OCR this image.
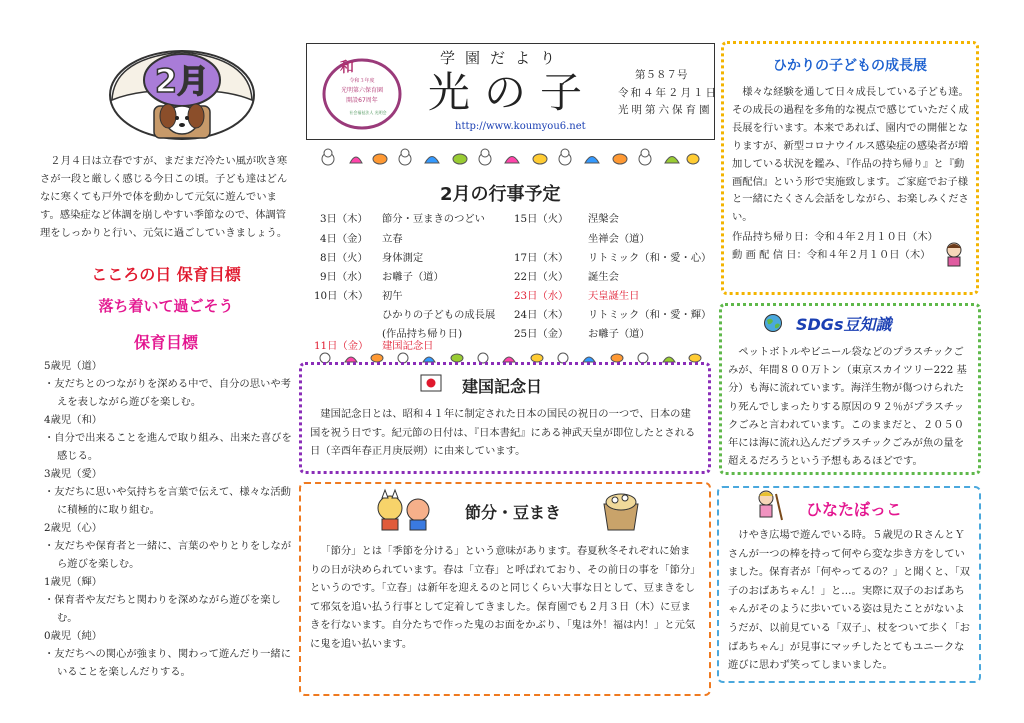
2月

２月４日は立春ですが、まだまだ冷たい風が吹き寒さが一段と厳しく感じる今日この頃。子ども達はどんなに寒くても戸外で体を動かして元気に遊んでいます。感染症など体調を崩しやすい季節なので、体調管理をしっかりと行い、元気に過ごしていきましょう。

こころの日 保育目標
落ち着いて過ごそう
保育目標
5歳児（道）
・友だちとのつながりを深める中で、自分の思いや考えを表しながら遊びを楽しむ。
4歳児（和）
・自分で出来ることを進んで取り組み、出来た喜びを感じる。
3歳児（愛）
・友だちに思いや気持ちを言葉で伝えて、様々な活動に積極的に取り組む。
2歳児（心）
・友だちや保育者と一緒に、言葉のやりとりをしながら遊びを楽しむ。
1歳児（輝）
・保育者や友だちと関わりを深めながら遊びを楽しむ。
0歳児（純）
・友だちへの関心が強まり、関わって遊んだり一緒にいることを楽しんだりする。
和
令和３年度
光明第六保育園
開設67周年
社会福祉法人 光明会
学園だより
光の子
http://www.koumyou6.net
第５８７号
令和４年２月１日
光明第六保育園
2月の行事予定
3日（木） 節分・豆まきのつどい
4日（金） 立春
8日（火） 身体測定
9日（水） お囃子（道）
10日（木） 初午
ひかりの子どもの成長展
(作品持ち帰り日)
11日（金） 建国記念日
15日（火） 涅槃会
坐禅会（道）
17日（木） リトミック（和・愛・心）
22日（火） 誕生会
23日（水） 天皇誕生日
24日（木） リトミック（和・愛・輝）
25日（金） お囃子（道）
建国記念日

建国記念日とは、昭和４１年に制定された日本の国民の祝日の一つで、日本の建国を祝う日です。紀元節の日付は、『日本書紀』にある神武天皇が即位したとされる日（辛酉年春正月庚辰朔）に由来しています。

節分・豆まき

「節分」とは「季節を分ける」という意味があります。春夏秋冬それぞれに始まりの日が決められています。春は「立春」と呼ばれており、その前日の事を「節分」というのです。「立春」は新年を迎えるのと同じくらい大事な日として、豆まきをして邪気を追い払う行事として定着してきました。保育園でも２月３日（木）に豆まきを行ないます。自分たちで作った鬼のお面をかぶり、「鬼は外！福は内！」と元気に鬼を追い払います。

ひかりの子どもの成長展

様々な経験を通して日々成長している子ども達。その成長の過程を多角的な視点で感じていただく成長展を行います。本来であれば、園内での開催となりますが、新型コロナウイルス感染症の感染者が増加している状況を鑑み、『作品の持ち帰り』と『動画配信』という形で実施致します。ご家庭でお子様と一緒にたくさん会話をしながら、お楽しみください。

作品持ち帰り日：令和４年２月１０日（木）
動 画 配 信 日：令和４年２月１０日（木）
SDGs豆知識

ペットボトルやビニール袋などのプラスチックごみが、年間８００万トン（東京スカイツリー222 基分）も海に流れています。海洋生物が傷つけられたり死んでしまったりする原因の９２％がプラスチックごみと言われています。このままだと、２０５０年には海に流れ込んだプラスチックごみが魚の量を超えるだろうという予想もあるほどです。

ひなたぼっこ

けやき広場で遊んでいる時。５歳児のＲさんとＹさんが一つの棒を持って何やら変な歩き方をしていました。保育者が「何やってるの？」と聞くと、「双子のおばあちゃん！」と…。実際に双子のおばあちゃんがそのように歩いている姿は見たことがないようだが、以前見ている「双子」、杖をついて歩く「おばあちゃん」が見事にマッチしたとてもユニークな遊びに思わず笑ってしまいました。
